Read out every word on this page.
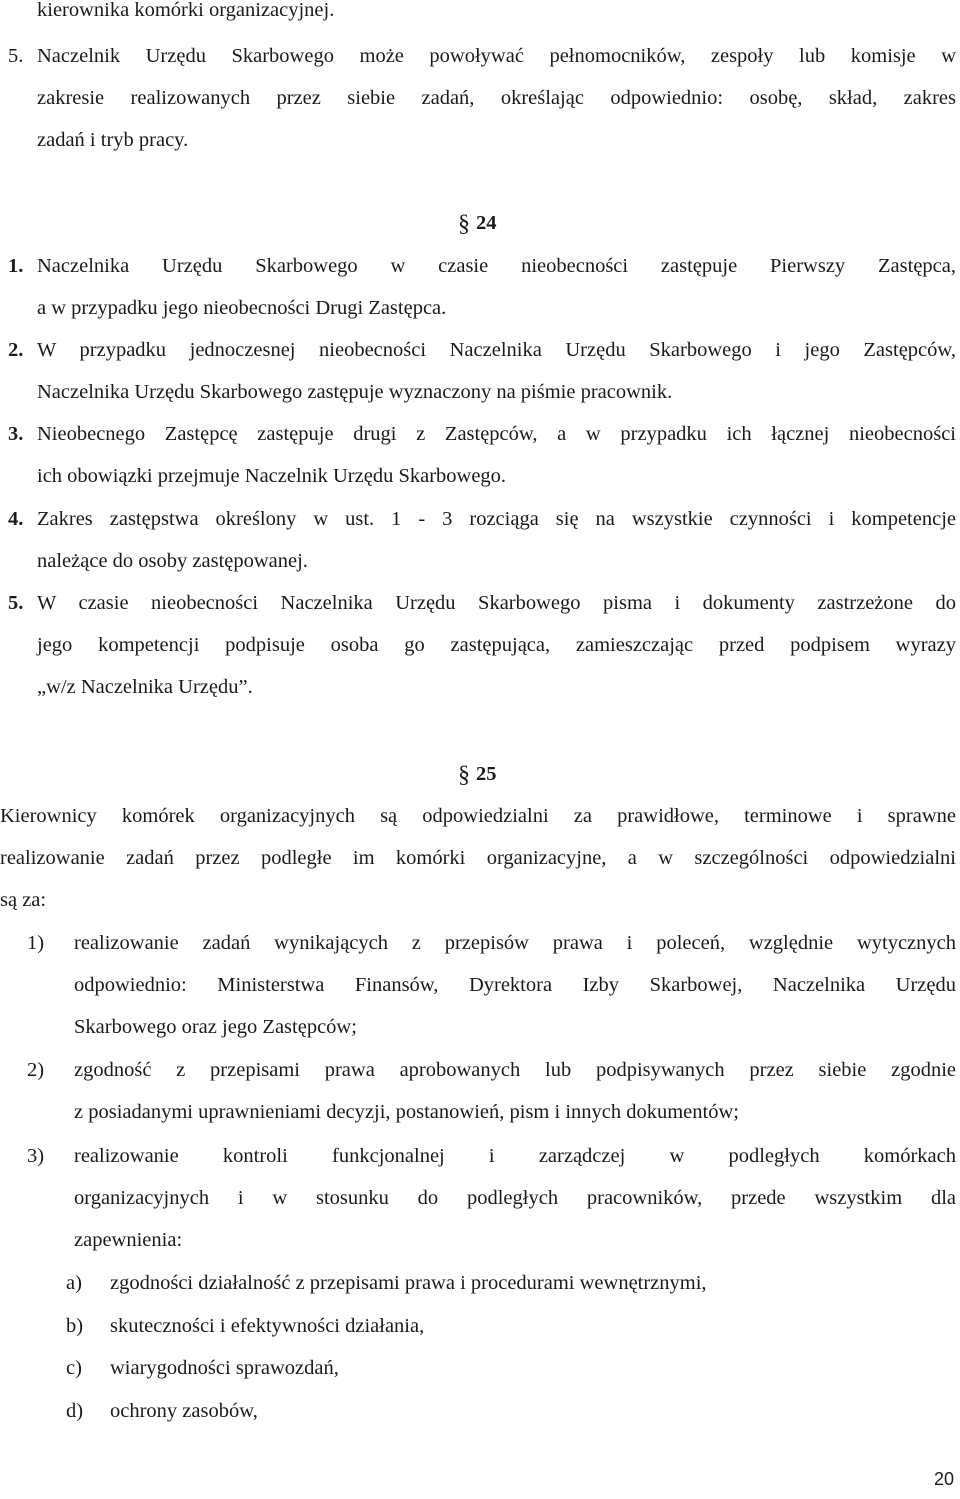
kierownika komórki organizacyjnej.
5. Naczelnik Urzędu Skarbowego może powoływać pełnomocników, zespoły lub komisje w
zakresie realizowanych przez siebie zadań, określając odpowiednio: osobę, skład, zakres
zadań i tryb pracy.
§ 24
1. Naczelnika Urzędu Skarbowego w czasie nieobecności zastępuje Pierwszy Zastępca,
a w przypadku jego nieobecności Drugi Zastępca.
2. W przypadku jednoczesnej nieobecności Naczelnika Urzędu Skarbowego i jego Zastępców,
Naczelnika Urzędu Skarbowego zastępuje wyznaczony na piśmie pracownik.
3. Nieobecnego Zastępcę zastępuje drugi z Zastępców, a w przypadku ich łącznej nieobecności
ich obowiązki przejmuje Naczelnik Urzędu Skarbowego.
4. Zakres zastępstwa określony w ust. 1 - 3 rozciąga się na wszystkie czynności i kompetencje
należące do osoby zastępowanej.
5. W czasie nieobecności Naczelnika Urzędu Skarbowego pisma i dokumenty zastrzeżone do
jego kompetencji podpisuje osoba go zastępująca, zamieszczając przed podpisem wyrazy
„w/z Naczelnika Urzędu”.
§ 25
Kierownicy komórek organizacyjnych są odpowiedzialni za prawidłowe, terminowe i sprawne
realizowanie zadań przez podległe im komórki organizacyjne, a w szczególności odpowiedzialni
są za:
1) realizowanie zadań wynikających z przepisów prawa i poleceń, względnie wytycznych
odpowiednio: Ministerstwa Finansów, Dyrektora Izby Skarbowej, Naczelnika Urzędu
Skarbowego oraz jego Zastępców;
2) zgodność z przepisami prawa aprobowanych lub podpisywanych przez siebie zgodnie
z posiadanymi uprawnieniami decyzji, postanowień, pism i innych dokumentów;
3) realizowanie kontroli funkcjonalnej i zarządczej w podległych komórkach
organizacyjnych i w stosunku do podległych pracowników, przede wszystkim dla
zapewnienia:
a) zgodności działalność z przepisami prawa i procedurami wewnętrznymi,
b) skuteczności i efektywności działania,
c) wiarygodności sprawozdań,
d) ochrony zasobów,
20
